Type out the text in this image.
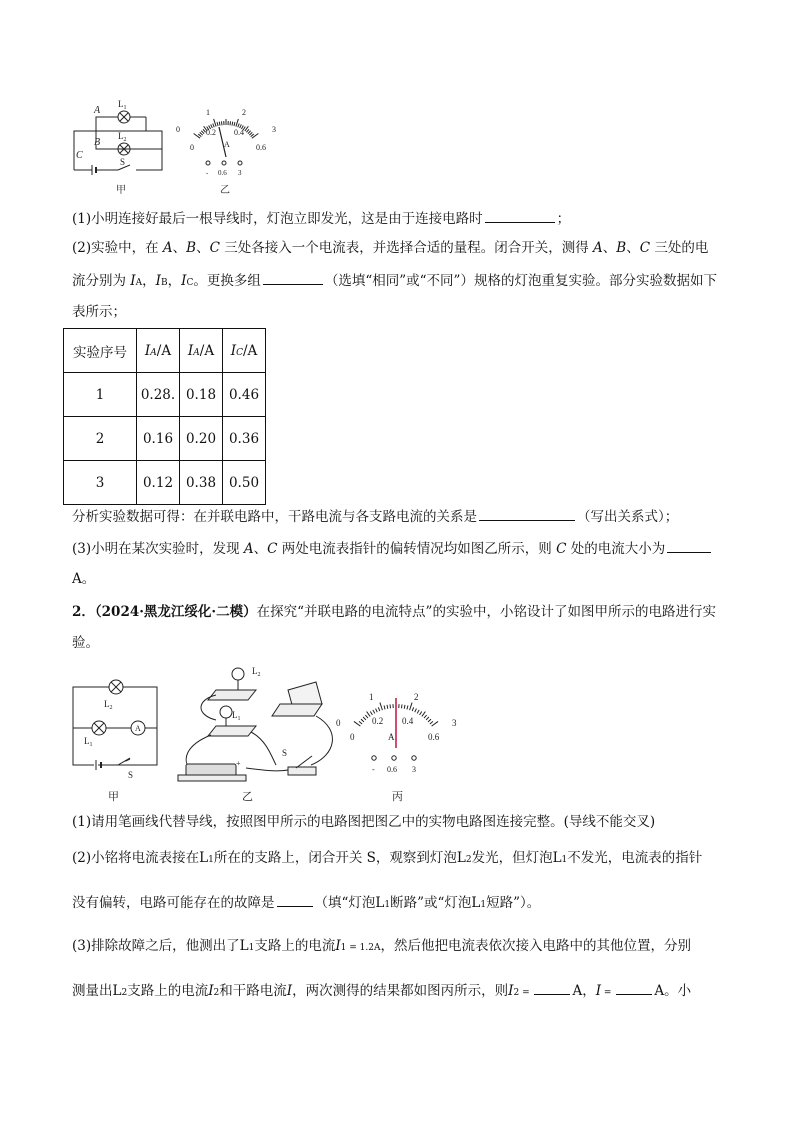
A
B
C
$L_1$
$L_2$
S
甲
0
1	2
3
0
0.2 0.4
0.6
A
- 0.6 3
乙
(1)小明连接好最后一根导线时，灯泡立即发光，这是由于连接电路时	；
(2)实验中，在 A、B、C 三处各接入一个电流表，并选择合适的量程。闭合开关，测得 A、B、C 三处的电
流分别为 IA，IB，IC。更换多组	（选填“相同”或“不同”）规格的灯泡重复实验。部分实验数据如下
表所示；
实验序号	IA/A	IA/A	IC/A
1	0.28.	0.18	0.46
2	0.16	0.20	0.36
3	0.12	0.38	0.50
分析实验数据可得：在并联电路中，干路电流与各支路电流的关系是	（写出关系式）；
(3)小明在某次实验时，发现 A、C 两处电流表指针的偏转情况均如图乙所示，则 C 处的电流大小为
A。
2．（2024·黑龙江绥化·二模）在探究“并联电路的电流特点”的实验中，小铭设计了如图甲所示的电路进行实
验。
A
$L_2$
$L_1$
S
甲
$L_2$
$L_1$
S
+
乙
0
1	2
3
0
0.2 0.4
0.6
A
- 0.6 3
丙
(1)请用笔画线代替导线，按照图甲所示的电路图把图乙中的实物电路图连接完整。(导线不能交叉)
(2)小铭将电流表接在L1所在的支路上，闭合开关 S，观察到灯泡L2发光，但灯泡L1不发光，电流表的指针
没有偏转，电路可能存在的故障是	（填“灯泡L1断路”或“灯泡L1短路”）。
(3)排除故障之后，他测出了L1支路上的电流I1 = 1.2A，然后他把电流表依次接入电路中的其他位置，分别
测量出L2支路上的电流I2和干路电流I，两次测得的结果都如图丙所示，则I2 =	A，I =	A。小
